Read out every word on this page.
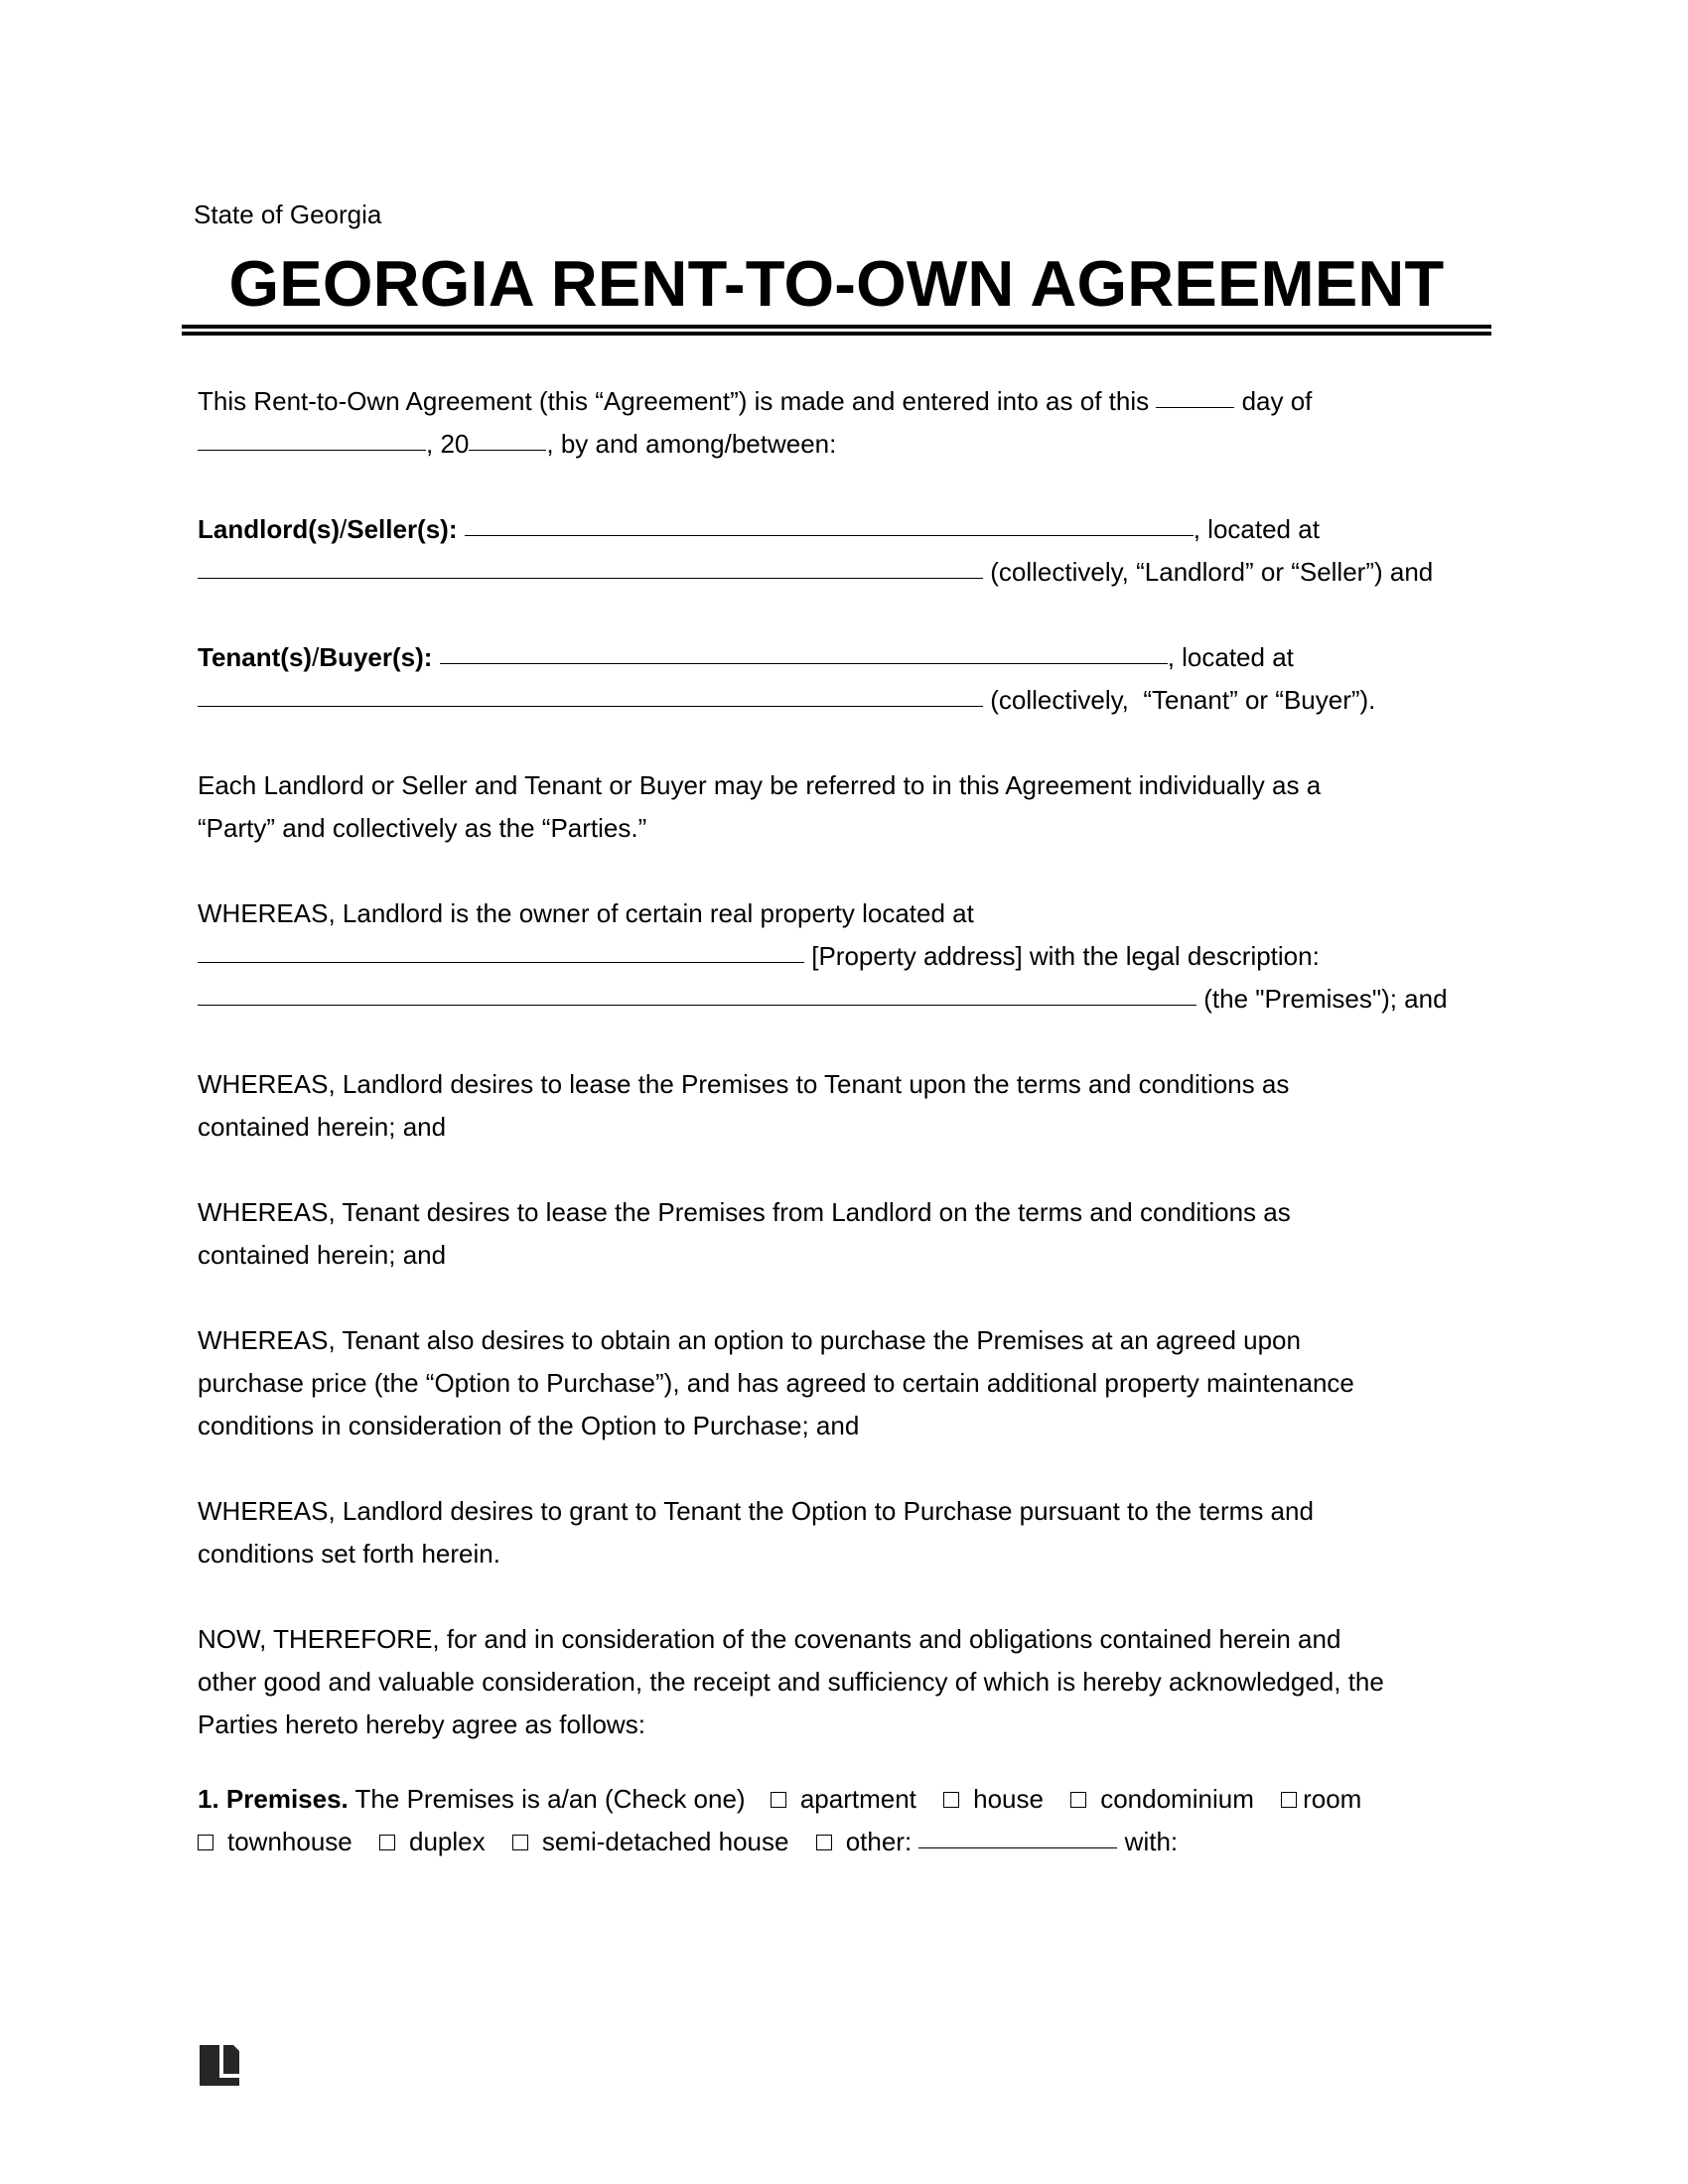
State of Georgia
GEORGIA RENT-TO-OWN AGREEMENT
This Rent-to-Own Agreement (this “Agreement”) is made and entered into as of this	day of
, 20	, by and among/between:
Landlord(s)/Seller(s):	, located at
(collectively, “Landlord” or “Seller”) and
Tenant(s)/Buyer(s):	, located at
(collectively,  “Tenant” or “Buyer”).
Each Landlord or Seller and Tenant or Buyer may be referred to in this Agreement individually as a
“Party” and collectively as the “Parties.”
WHEREAS, Landlord is the owner of certain real property located at
[Property address] with the legal description:
(the "Premises"); and
WHEREAS, Landlord desires to lease the Premises to Tenant upon the terms and conditions as
contained herein; and
WHEREAS, Tenant desires to lease the Premises from Landlord on the terms and conditions as
contained herein; and
WHEREAS, Tenant also desires to obtain an option to purchase the Premises at an agreed upon
purchase price (the “Option to Purchase”), and has agreed to certain additional property maintenance
conditions in consideration of the Option to Purchase; and
WHEREAS, Landlord desires to grant to Tenant the Option to Purchase pursuant to the terms and
conditions set forth herein.
NOW, THEREFORE, for and in consideration of the covenants and obligations contained herein and
other good and valuable consideration, the receipt and sufficiency of which is hereby acknowledged, the
Parties hereto hereby agree as follows:
1. Premises. The Premises is a/an (Check one) apartment house condominium room
townhouse duplex semi-detached house other:	with:
